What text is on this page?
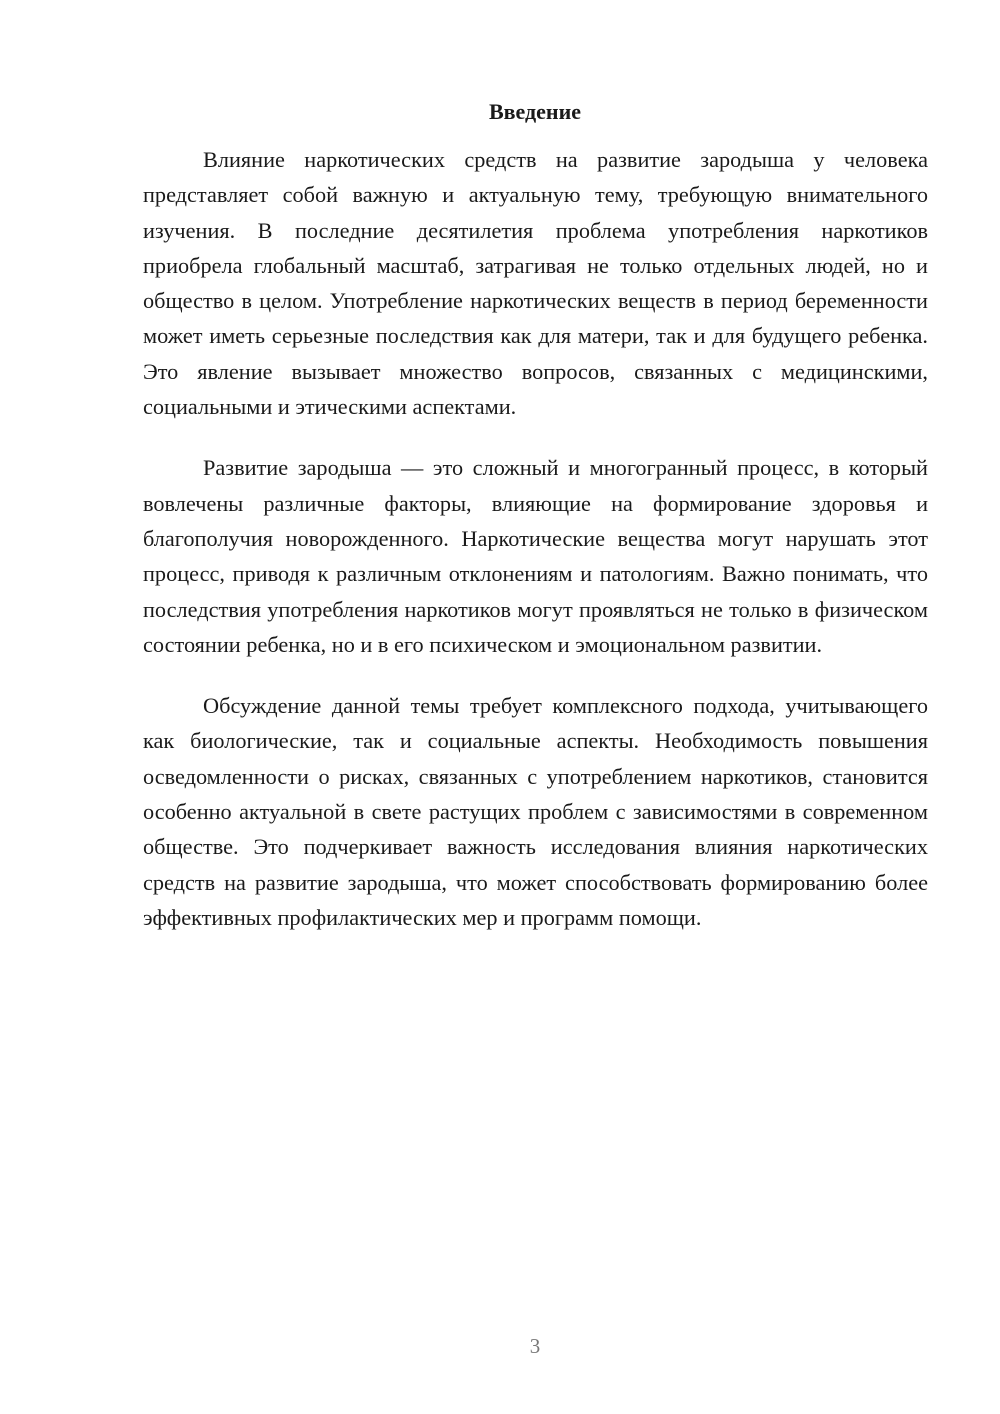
Введение

Влияние наркотических средств на развитие зародыша у человека представляет собой важную и актуальную тему, требующую внимательного изучения. В последние десятилетия проблема употребления наркотиков приобрела глобальный масштаб, затрагивая не только отдельных людей, но и общество в целом. Употребление наркотических веществ в период беременности может иметь серьезные последствия как для матери, так и для будущего ребенка. Это явление вызывает множество вопросов, связанных с медицинскими, социальными и этическими аспектами.

Развитие зародыша — это сложный и многогранный процесс, в который вовлечены различные факторы, влияющие на формирование здоровья и благополучия новорожденного. Наркотические вещества могут нарушать этот процесс, приводя к различным отклонениям и патологиям. Важно понимать, что последствия употребления наркотиков могут проявляться не только в физическом состоянии ребенка, но и в его психическом и эмоциональном развитии.

Обсуждение данной темы требует комплексного подхода, учитывающего как биологические, так и социальные аспекты. Необходимость повышения осведомленности о рисках, связанных с употреблением наркотиков, становится особенно актуальной в свете растущих проблем с зависимостями в современном обществе. Это подчеркивает важность исследования влияния наркотических средств на развитие зародыша, что может способствовать формированию более эффективных профилактических мер и программ помощи.

3
